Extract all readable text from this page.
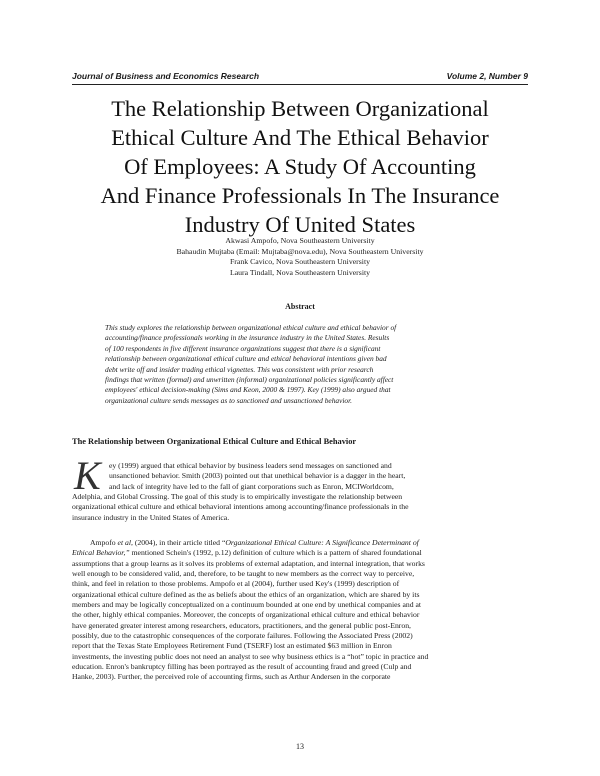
Journal of Business and Economics Research	Volume 2, Number 9
The Relationship Between Organizational
Ethical Culture And The Ethical Behavior
Of Employees: A Study Of Accounting
And Finance Professionals In The Insurance
Industry Of United States
Akwasi Ampofo, Nova Southeastern University
Bahaudin Mujtaba (Email: Mujtaba@nova.edu), Nova Southeastern University
Frank Cavico, Nova Southeastern University
Laura Tindall, Nova Southeastern University
Abstract
This study explores the relationship between organizational ethical culture and ethical behavior of
accounting/finance professionals working in the insurance industry in the United States. Results
of 100 respondents in five different insurance organizations suggest that there is a significant
relationship between organizational ethical culture and ethical behavioral intentions given bad
debt write off and insider trading ethical vignettes. This was consistent with prior research
findings that written (formal) and unwritten (informal) organizational policies significantly affect
employees' ethical decision-making (Sims and Keon, 2000 & 1997). Key (1999) also argued that
organizational culture sends messages as to sanctioned and unsanctioned behavior.
The Relationship between Organizational Ethical Culture and Ethical Behavior
K	ey (1999) argued that ethical behavior by business leaders send messages on sanctioned and
unsanctioned behavior. Smith (2003) pointed out that unethical behavior is a dagger in the heart,
and lack of integrity have led to the fall of giant corporations such as Enron, MCIWorldcom,
Adelphia, and Global Crossing. The goal of this study is to empirically investigate the relationship between
organizational ethical culture and ethical behavioral intentions among accounting/finance professionals in the
insurance industry in the United States of America.
Ampofo et al, (2004), in their article titled “Organizational Ethical Culture: A Significance Determinant of
Ethical Behavior,” mentioned Schein's (1992, p.12) definition of culture which is a pattern of shared foundational
assumptions that a group learns as it solves its problems of external adaptation, and internal integration, that works
well enough to be considered valid, and, therefore, to be taught to new members as the correct way to perceive,
think, and feel in relation to those problems. Ampofo et al (2004), further used Key's (1999) description of
organizational ethical culture defined as the as beliefs about the ethics of an organization, which are shared by its
members and may be logically conceptualized on a continuum bounded at one end by unethical companies and at
the other, highly ethical companies. Moreover, the concepts of organizational ethical culture and ethical behavior
have generated greater interest among researchers, educators, practitioners, and the general public post-Enron,
possibly, due to the catastrophic consequences of the corporate failures. Following the Associated Press (2002)
report that the Texas State Employees Retirement Fund (TSERF) lost an estimated $63 million in Enron
investments, the investing public does not need an analyst to see why business ethics is a “hot” topic in practice and
education. Enron's bankruptcy filling has been portrayed as the result of accounting fraud and greed (Culp and
Hanke, 2003). Further, the perceived role of accounting firms, such as Arthur Andersen in the corporate
13
